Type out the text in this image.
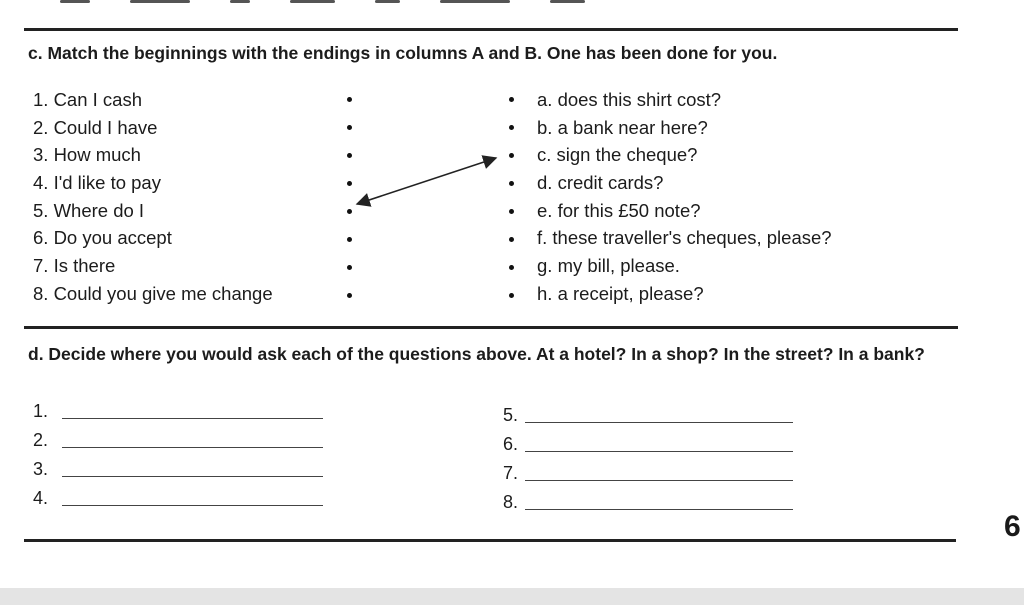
c. Match the beginnings with the endings in columns A and B. One has been done for you.
1. Can I cash
2. Could I have
3. How much
4. I'd like to pay
5. Where do I
6. Do you accept
7. Is there
8. Could you give me change
a. does this shirt cost?
b. a bank near here?
c. sign the cheque?
d. credit cards?
e. for this £50 note?
f. these traveller's cheques, please?
g. my bill, please.
h. a receipt, please?
d. Decide where you would ask each of the questions above. At a hotel? In a shop? In the street? In a bank?
1.
2.
3.
4.
5.
6.
7.
8.
6
